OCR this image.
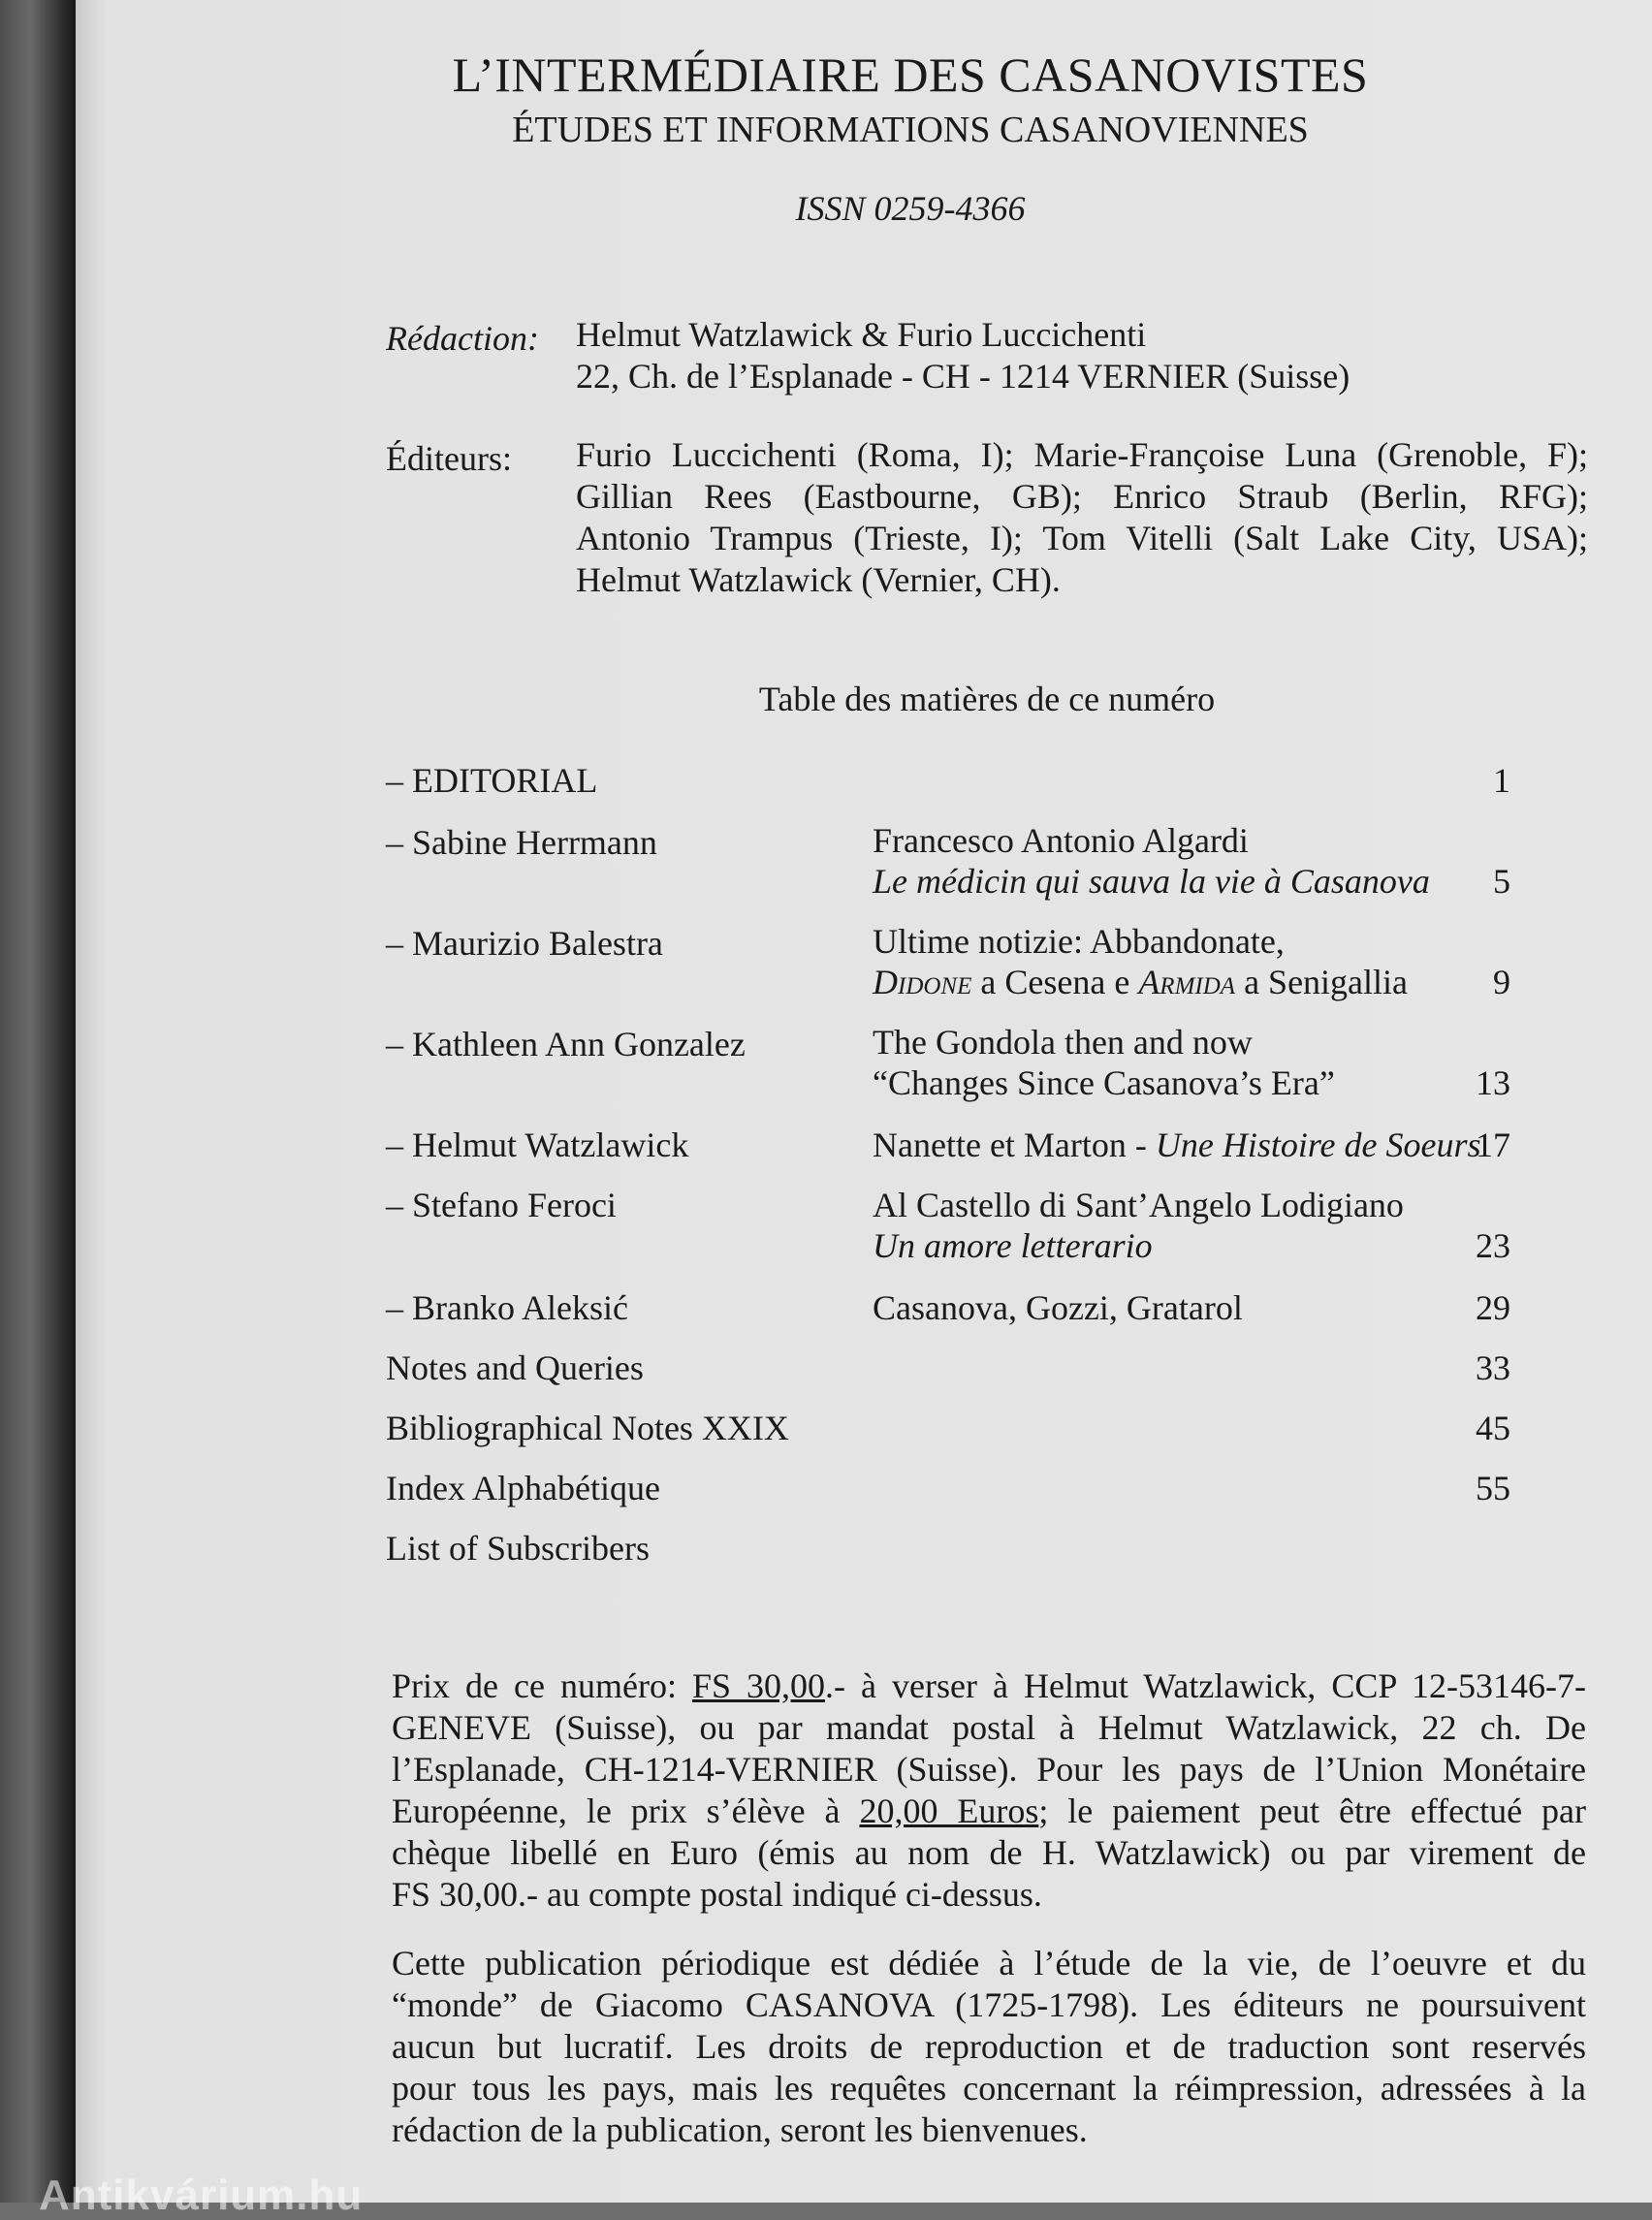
L’INTERMÉDIAIRE DES CASANOVISTES
ÉTUDES ET INFORMATIONS CASANOVIENNES
ISSN 0259-4366
Rédaction: Helmut Watzlawick & Furio Luccichenti
22, Ch. de l’Esplanade - CH - 1214 VERNIER (Suisse)
Éditeurs: Furio Luccichenti (Roma, I); Marie-Françoise Luna (Grenoble, F);
Gillian Rees (Eastbourne, GB); Enrico Straub (Berlin, RFG);
Antonio Trampus (Trieste, I); Tom Vitelli (Salt Lake City, USA);
Helmut Watzlawick (Vernier, CH).
Table des matières de ce numéro
– EDITORIAL	1
– Sabine Herrmann	Francesco Antonio Algardi
Le médicin qui sauva la vie à Casanova 5
– Maurizio Balestra	Ultime notizie: Abbandonate,
Didone a Cesena e Armida a Senigallia 9
– Kathleen Ann Gonzalez	The Gondola then and now
“Changes Since Casanova’s Era”	13
– Helmut Watzlawick	Nanette et Marton - Une Histoire de Soeurs
17
– Stefano Feroci	Al Castello di Sant’Angelo Lodigiano
Un amore letterario	23
– Branko Aleksić	Casanova, Gozzi, Gratarol	29
Notes and Queries	33
Bibliographical Notes XXIX	45
Index Alphabétique	55
List of Subscribers
Prix de ce numéro: FS 30,00.- à verser à Helmut Watzlawick, CCP 12-53146-7-
GENEVE (Suisse), ou par mandat postal à Helmut Watzlawick, 22 ch. De
l’Esplanade, CH-1214-VERNIER (Suisse). Pour les pays de l’Union Monétaire
Européenne, le prix s’élève à 20,00 Euros; le paiement peut être effectué par
chèque libellé en Euro (émis au nom de H. Watzlawick) ou par virement de
FS 30,00.- au compte postal indiqué ci-dessus.
Cette publication périodique est dédiée à l’étude de la vie, de l’oeuvre et du
“monde” de Giacomo CASANOVA (1725-1798). Les éditeurs ne poursuivent
aucun but lucratif. Les droits de reproduction et de traduction sont reservés
pour tous les pays, mais les requêtes concernant la réimpression, adressées à la
rédaction de la publication, seront les bienvenues.
Antikvárium.hu
